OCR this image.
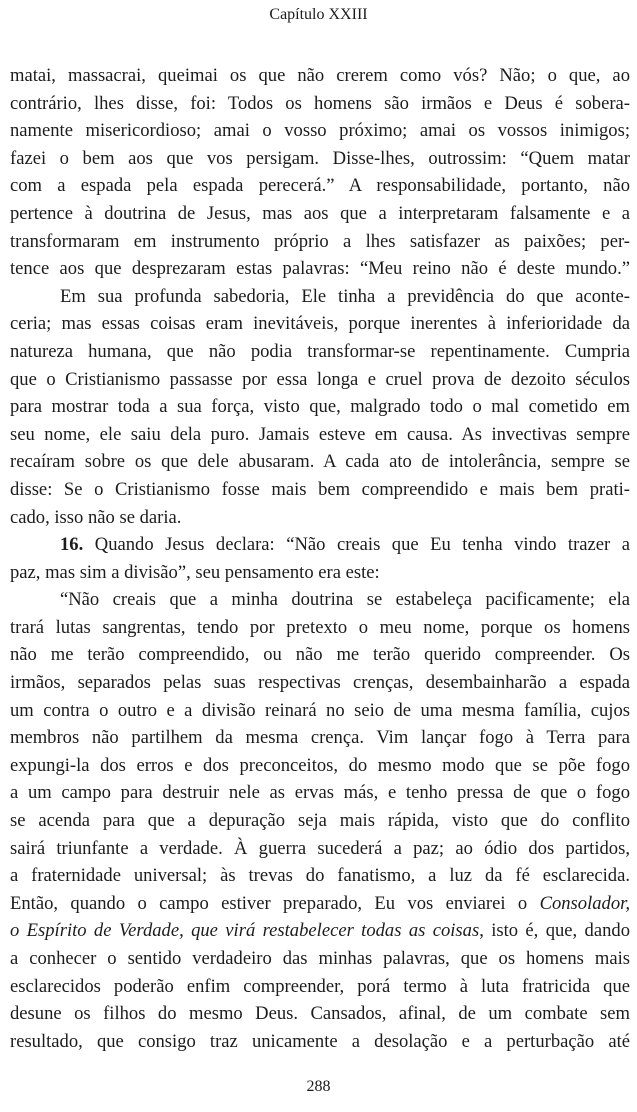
Capítulo XXIII

matai, massacrai, queimai os que não crerem como vós? Não; o que, ao
contrário, lhes disse, foi: Todos os homens são irmãos e Deus é sobera-
namente misericordioso; amai o vosso próximo; amai os vossos inimigos;
fazei o bem aos que vos persigam. Disse-lhes, outrossim: “Quem matar
com a espada pela espada perecerá.” A responsabilidade, portanto, não
pertence à doutrina de Jesus, mas aos que a interpretaram falsamente e a
transformaram em instrumento próprio a lhes satisfazer as paixões; per-
tence aos que desprezaram estas palavras: “Meu reino não é deste mundo.”

Em sua profunda sabedoria, Ele tinha a previdência do que aconte-
ceria; mas essas coisas eram inevitáveis, porque inerentes à inferioridade da
natureza humana, que não podia transformar-se repentinamente. Cumpria
que o Cristianismo passasse por essa longa e cruel prova de dezoito séculos
para mostrar toda a sua força, visto que, malgrado todo o mal cometido em
seu nome, ele saiu dela puro. Jamais esteve em causa. As invectivas sempre
recaíram sobre os que dele abusaram. A cada ato de intolerância, sempre se
disse: Se o Cristianismo fosse mais bem compreendido e mais bem prati-
cado, isso não se daria.

16. Quando Jesus declara: “Não creais que Eu tenha vindo trazer a
paz, mas sim a divisão”, seu pensamento era este:

“Não creais que a minha doutrina se estabeleça pacificamente; ela
trará lutas sangrentas, tendo por pretexto o meu nome, porque os homens
não me terão compreendido, ou não me terão querido compreender. Os
irmãos, separados pelas suas respectivas crenças, desembainharão a espada
um contra o outro e a divisão reinará no seio de uma mesma família, cujos
membros não partilhem da mesma crença. Vim lançar fogo à Terra para
expungi-la dos erros e dos preconceitos, do mesmo modo que se põe fogo
a um campo para destruir nele as ervas más, e tenho pressa de que o fogo
se acenda para que a depuração seja mais rápida, visto que do conflito
sairá triunfante a verdade. À guerra sucederá a paz; ao ódio dos partidos,
a fraternidade universal; às trevas do fanatismo, a luz da fé esclarecida.
Então, quando o campo estiver preparado, Eu vos enviarei o Consolador,
o Espírito de Verdade, que virá restabelecer todas as coisas, isto é, que, dando
a conhecer o sentido verdadeiro das minhas palavras, que os homens mais
esclarecidos poderão enfim compreender, porá termo à luta fratricida que
desune os filhos do mesmo Deus. Cansados, afinal, de um combate sem
resultado, que consigo traz unicamente a desolação e a perturbação até

288
